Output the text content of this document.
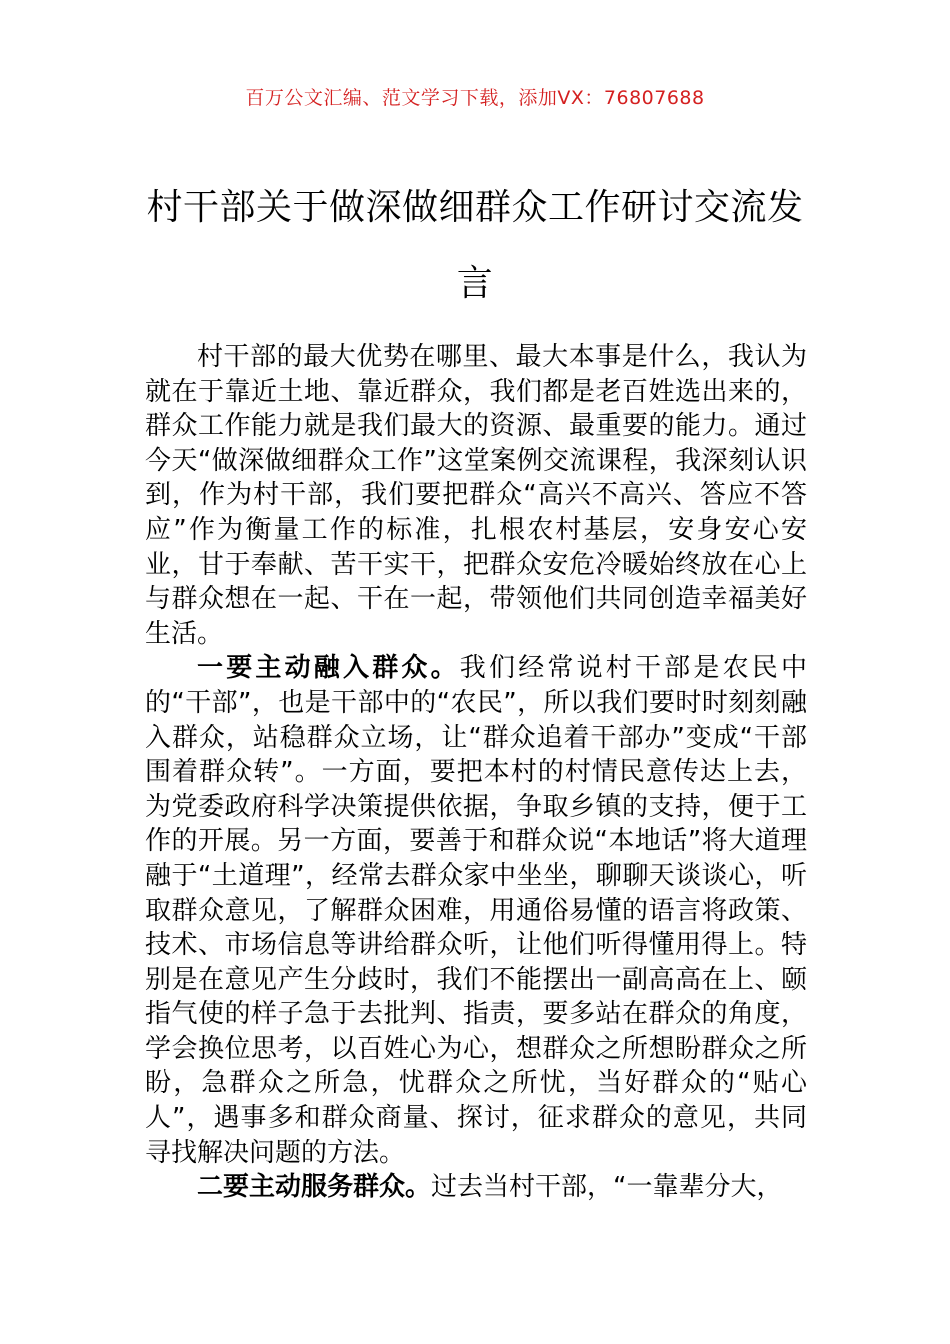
百万公文汇编、范文学习下载，添加VX：76807688
村干部关于做深做细群众工作研讨交流发言

村干部的最大优势在哪里、最大本事是什么，我认为就在于靠近土地、靠近群众，我们都是老百姓选出来的，群众工作能力就是我们最大的资源、最重要的能力。通过今天“做深做细群众工作”这堂案例交流课程，我深刻认识到，作为村干部，我们要把群众“高兴不高兴、答应不答应”作为衡量工作的标准，扎根农村基层，安身安心安业，甘于奉献、苦干实干，把群众安危冷暖始终放在心上与群众想在一起、干在一起，带领他们共同创造幸福美好生活。

一要主动融入群众。我们经常说村干部是农民中的“干部”，也是干部中的“农民”，所以我们要时时刻刻融入群众，站稳群众立场，让“群众追着干部办”变成“干部围着群众转”。一方面，要把本村的村情民意传达上去，为党委政府科学决策提供依据，争取乡镇的支持，便于工作的开展。另一方面，要善于和群众说“本地话”将大道理融于“土道理”，经常去群众家中坐坐，聊聊天谈谈心，听取群众意见，了解群众困难，用通俗易懂的语言将政策、技术、市场信息等讲给群众听，让他们听得懂用得上。特别是在意见产生分歧时，我们不能摆出一副高高在上、颐指气使的样子急于去批判、指责，要多站在群众的角度，学会换位思考，以百姓心为心，想群众之所想盼群众之所盼，急群众之所急，忧群众之所忧，当好群众的“贴心人”，遇事多和群众商量、探讨，征求群众的意见，共同寻找解决问题的方法。

二要主动服务群众。过去当村干部，“一靠辈分大，
